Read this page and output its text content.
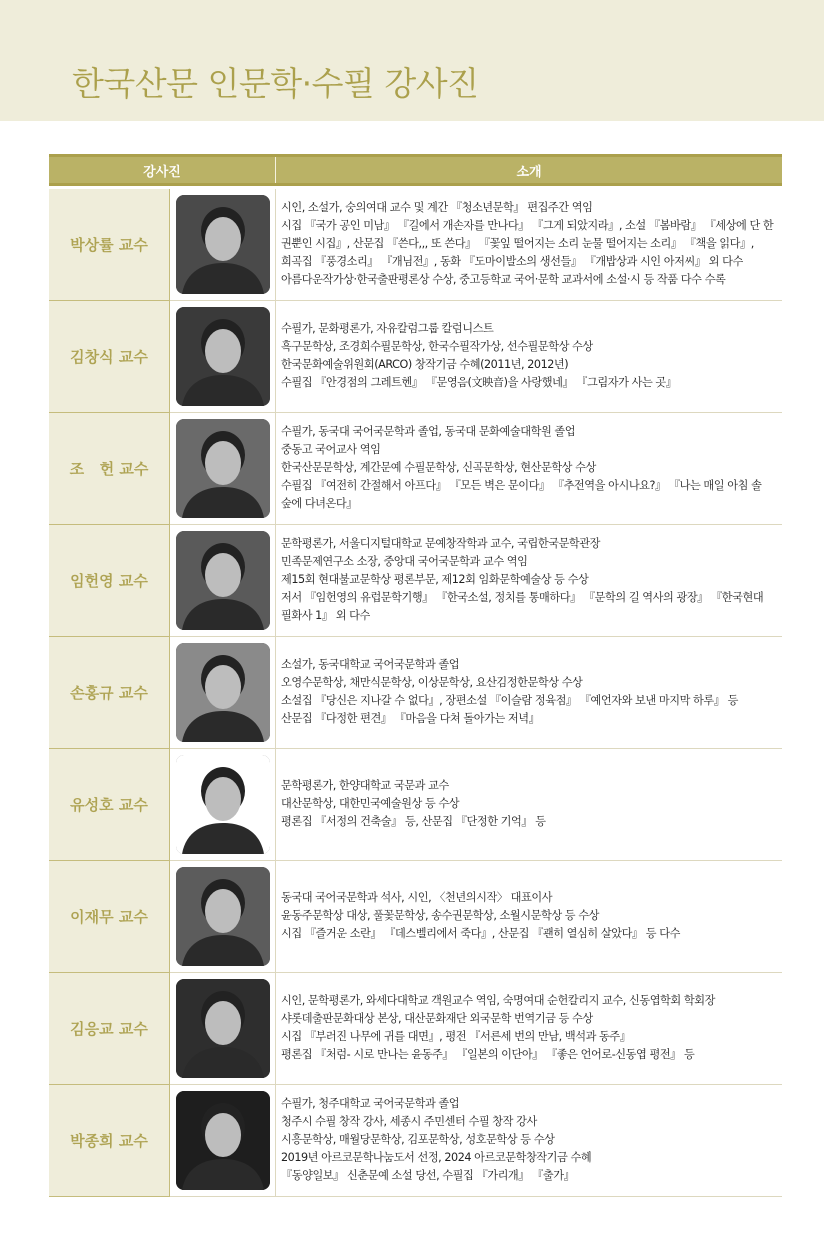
한국산문 인문학·수필 강사진
강사진	소개
박상률 교수
시인, 소설가, 숭의여대 교수 및 계간 『청소년문학』 편집주간 역임
시집 『국가 공인 미남』 『길에서 개손자를 만나다』 『그게 되았지라』, 소설 『봄바람』 『세상에 단 한
권뿐인 시집』, 산문집 『쓴다,,, 또 쓴다』 『꽃잎 떨어지는 소리 눈물 떨어지는 소리』 『책을 읽다』,
희곡집 『풍경소리』 『개님전』, 동화 『도마이발소의 생선들』 『개밥상과 시인 아저씨』 외 다수
아름다운작가상·한국출판평론상 수상, 중고등학교 국어·문학 교과서에 소설·시 등 작품 다수 수록
김창식 교수
수필가, 문화평론가, 자유칼럼그룹 칼럼니스트
흑구문학상, 조경희수필문학상, 한국수필작가상, 선수필문학상 수상
한국문화예술위원회(ARCO) 창작기금 수혜(2011년, 2012년)
수필집 『안경점의 그레트헨』 『문영음(文映音)을 사랑했네』 『그림자가 사는 곳』
조   헌 교수
수필가, 동국대 국어국문학과 졸업, 동국대 문화예술대학원 졸업
중동고 국어교사 역임
한국산문문학상, 계간문예 수필문학상, 신곡문학상, 현산문학상 수상
수필집 『여전히 간절해서 아프다』 『모든 벽은 문이다』 『추전역을 아시나요?』 『나는 매일 아침 솔
숲에 다녀온다』
임헌영 교수
문학평론가, 서울디지털대학교 문예창작학과 교수, 국립한국문학관장
민족문제연구소 소장, 중앙대 국어국문학과 교수 역임
제15회 현대불교문학상 평론부문, 제12회 임화문학예술상 등 수상
저서 『임헌영의 유럽문학기행』 『한국소설, 정치를 통매하다』 『문학의 길 역사의 광장』 『한국현대
필화사 1』 외 다수
손홍규 교수
소설가, 동국대학교 국어국문학과 졸업
오영수문학상, 채만식문학상, 이상문학상, 요산김정한문학상 수상
소설집 『당신은 지나갈 수 없다』, 장편소설 『이슬람 정육점』 『예언자와 보낸 마지막 하루』 등
산문집 『다정한 편견』 『마음을 다쳐 돌아가는 저녁』
유성호 교수
문학평론가, 한양대학교 국문과 교수
대산문학상, 대한민국예술원상 등 수상
평론집 『서정의 건축술』 등, 산문집 『단정한 기억』 등
이재무 교수
동국대 국어국문학과 석사, 시인, 〈천년의시작〉 대표이사
윤동주문학상 대상, 풀꽃문학상, 송수권문학상, 소월시문학상 등 수상
시집 『즐거운 소란』 『데스벨리에서 죽다』, 산문집 『괜히 열심히 살았다』 등 다수
김응교 교수
시인, 문학평론가, 와세다대학교 객원교수 역임, 숙명여대 순헌칼리지 교수, 신동엽학회 학회장
샤롯데출판문화대상 본상, 대산문화재단 외국문학 번역기금 등 수상
시집 『부러진 나무에 귀를 대면』, 평전 『서른세 번의 만남, 백석과 동주』
평론집 『처럼- 시로 만나는 윤동주』 『일본의 이단아』 『좋은 언어로-신동엽 평전』 등
박종희 교수
수필가, 청주대학교 국어국문학과 졸업
청주시 수필 창작 강사, 세종시 주민센터 수필 창작 강사
시흥문학상, 매월당문학상, 김포문학상, 성호문학상 등 수상
2019년 아르코문학나눔도서 선정, 2024 아르코문학창작기금 수혜
『동양일보』 신춘문예 소설 당선, 수필집 『가리개』 『출가』
